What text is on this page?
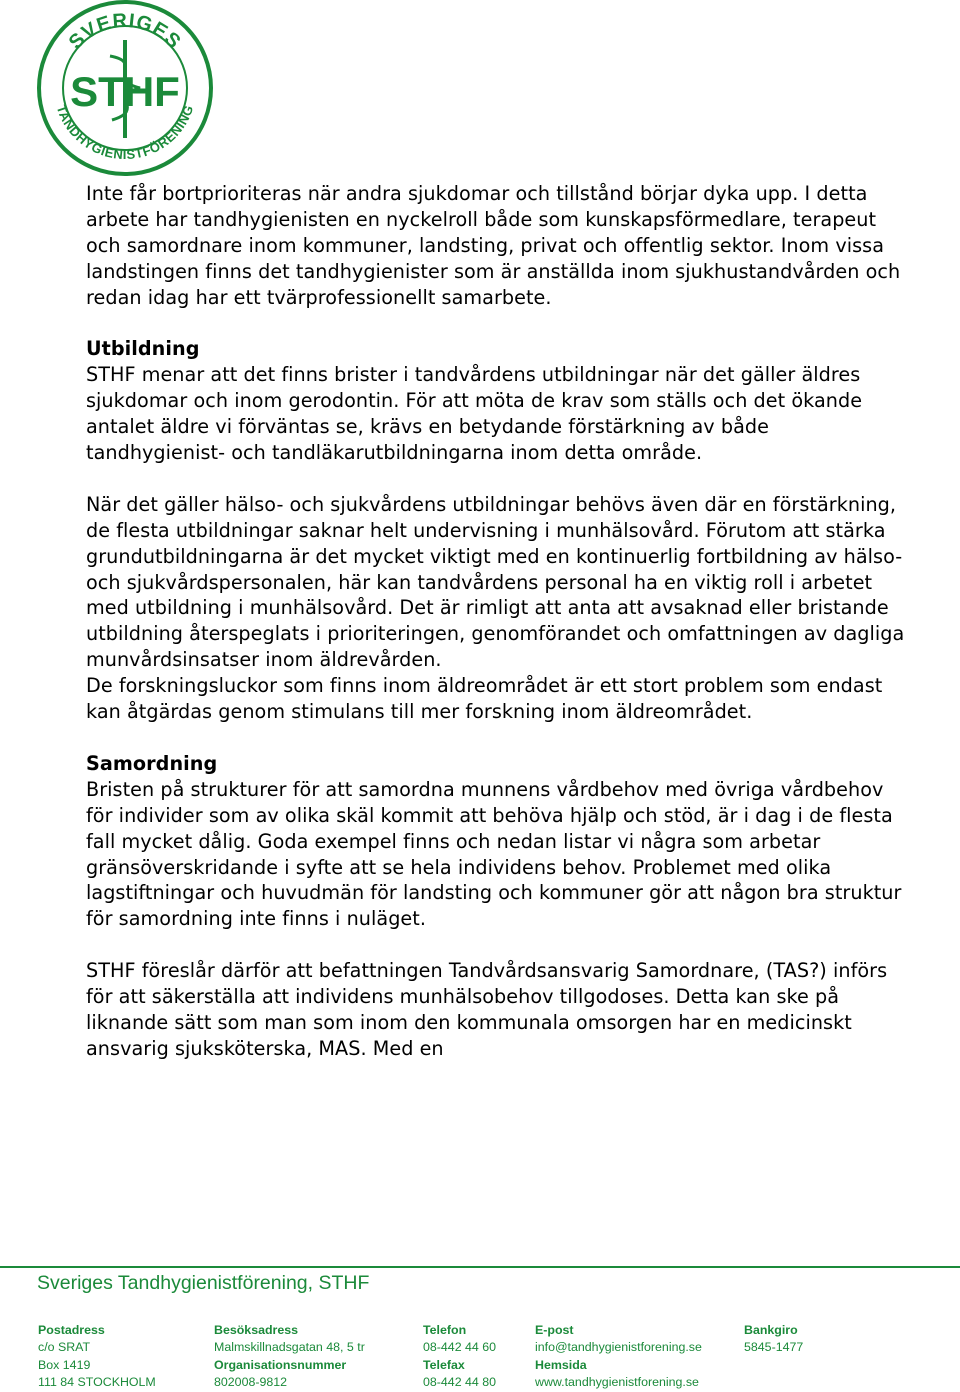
SVERIGES
TANDHYGIENISTFÖRENING
STHF

Inte får bortprioriteras när andra sjukdomar och tillstånd börjar dyka upp. I detta arbete har tandhygienisten en nyckelroll både som kunskapsförmedlare, terapeut och samordnare inom kommuner, landsting, privat och offentlig sektor. Inom vissa landstingen finns det tandhygienister som är anställda inom sjukhustandvården och redan idag har ett tvärprofessionellt samarbete.

Utbildning

STHF menar att det finns brister i tandvårdens utbildningar när det gäller äldres sjukdomar och inom gerodontin. För att möta de krav som ställs och det ökande antalet äldre vi förväntas se, krävs en betydande förstärkning av både tandhygienist- och tandläkarutbildningarna inom detta område.

När det gäller hälso- och sjukvårdens utbildningar behövs även där en förstärkning, de flesta utbildningar saknar helt undervisning i munhälsovård. Förutom att stärka grundutbildningarna är det mycket viktigt med en kontinuerlig fortbildning av hälso- och sjukvårdspersonalen, här kan tandvårdens personal ha en viktig roll i arbetet med utbildning i munhälsovård. Det är rimligt att anta att avsaknad eller bristande utbildning återspeglats i prioriteringen, genomförandet och omfattningen av dagliga munvårdsinsatser inom äldrevården.

De forskningsluckor som finns inom äldreområdet är ett stort problem som endast kan åtgärdas genom stimulans till mer forskning inom äldreområdet.

Samordning

Bristen på strukturer för att samordna munnens vårdbehov med övriga vårdbehov för individer som av olika skäl kommit att behöva hjälp och stöd, är i dag i de flesta fall mycket dålig. Goda exempel finns och nedan listar vi några som arbetar gränsöverskridande i syfte att se hela individens behov. Problemet med olika lagstiftningar och huvudmän för landsting och kommuner gör att någon bra struktur för samordning inte finns i nuläget.

STHF föreslår därför att befattningen Tandvårdsansvarig Samordnare, (TAS?) införs för att säkerställa att individens munhälsobehov tillgodoses. Detta kan ske på liknande sätt som man som inom den kommunala omsorgen har en medicinskt ansvarig sjuksköterska, MAS. Med en

Sveriges Tandhygienistförening, STHF
Postadress
c/o SRAT
Box 1419
111 84 STOCKHOLM
Besöksadress
Malmskillnadsgatan 48, 5 tr
Organisationsnummer
802008-9812
Telefon
08-442 44 60
Telefax
08-442 44 80
E-post
info@tandhygienistforening.se
Hemsida
www.tandhygienistforening.se
Bankgiro
5845-1477
